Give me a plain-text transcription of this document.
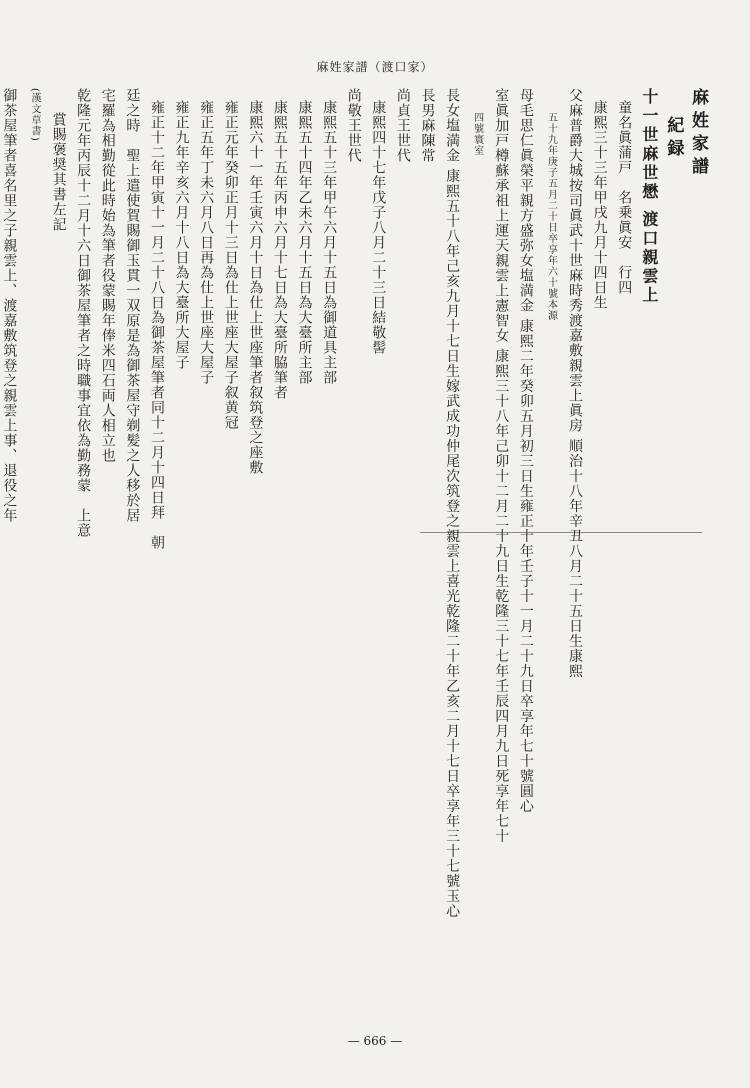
麻姓家譜（渡口家）
麻姓家譜
紀録
十一世麻世懋 渡口親雲上
童名眞蒲戸　名乗眞安　行四
康熙三十三年甲戌九月十四日生
父麻普爵大城按司眞武十世麻時秀渡嘉敷親雲上眞房 順治十八年辛丑八月二十五日生康熙
五十九年庚子五月二十日卒享年六十號本源
母毛思仁眞榮平親方盛弥女塩満金 康熙二年癸卯五月初三日生雍正十年壬子十一月二十九日卒享年七十號圓心
室眞加戸樽蘇承祖上運天親雲上憲智女 康熙三十八年己卯十二月二十九日生乾隆三十七年壬辰四月九日死享年七十
四號寰室
長女塩満金 康熙五十八年己亥九月十七日生嫁武成功仲尾次筑登之親雲上喜光乾隆二十年乙亥二月十七日卒享年三十七號玉心
長男麻陳常
尚貞王世代
康熙四十七年戊子八月二十三日結敬髻
尚敬王世代
康熙五十三年甲午六月十五日為御道具主部
康熙五十四年乙未六月十五日為大臺所主部
康熙五十五年丙申六月十七日為大臺所脇筆者
康熙六十一年壬寅六月十日為仕上世座筆者叙筑登之座敷
雍正元年癸卯正月十三日為仕上世座大屋子叙黄冠
雍正五年丁未六月八日再為仕上世座大屋子
雍正九年辛亥六月十八日為大臺所大屋子
雍正十二年甲寅十一月二十八日為御茶屋筆者同十二月十四日拜　朝
廷之時　聖上遣使賀賜御玉貫一双原是為御茶屋守剃髪之人移於居
宅羅為相勤從此時始為筆者役蒙賜年俸米四石両人相立也
乾隆元年丙辰十二月十六日御茶屋筆者之時職事宜依為勤務蒙　上意
賞賜褒奨其書左記
(漢文草書)
御茶屋筆者喜名里之子親雲上、渡嘉敷筑登之親雲上事、退役之年
— 666 —
